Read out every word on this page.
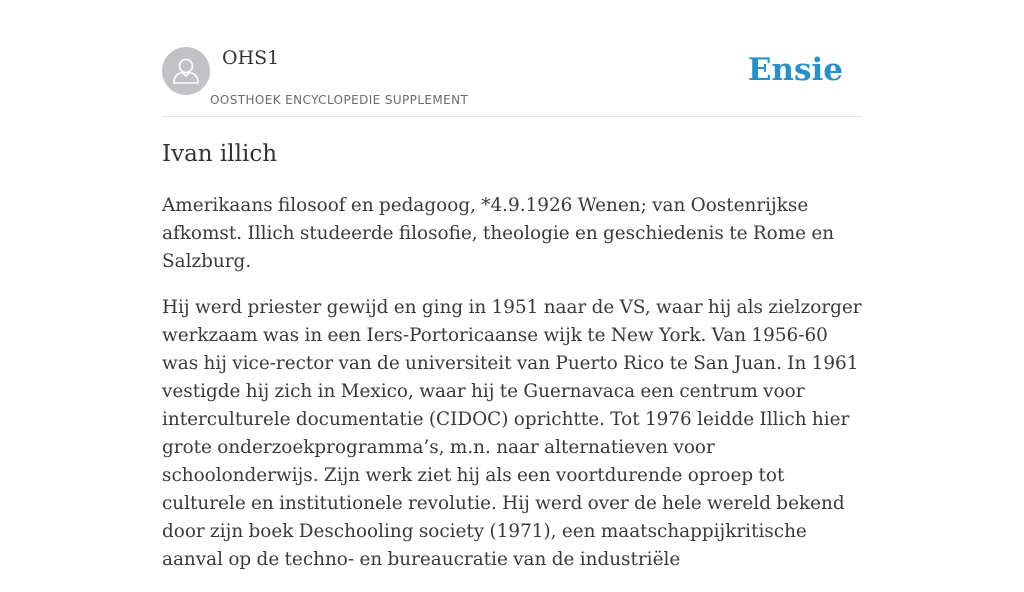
OHS1
OOSTHOEK ENCYCLOPEDIE SUPPLEMENT
Ensie
Ivan illich

Amerikaans filosoof en pedagoog, *4.9.1926 Wenen; van Oostenrijkse afkomst. Illich studeerde filosofie, theologie en geschiedenis te Rome en Salzburg.

Hij werd priester gewijd en ging in 1951 naar de VS, waar hij als zielzorger werkzaam was in een Iers-Portoricaanse wijk te New York. Van 1956-60 was hij vice-rector van de universiteit van Puerto Rico te San Juan. In 1961 vestigde hij zich in Mexico, waar hij te Guernavaca een centrum voor interculturele documentatie (CIDOC) oprichtte. Tot 1976 leidde Illich hier grote onderzoekprogramma’s, m.n. naar alternatieven voor schoolonderwijs. Zijn werk ziet hij als een voortdurende oproep tot culturele en institutionele revolutie. Hij werd over de hele wereld bekend door zijn boek Deschooling society (1971), een maatschappijkritische aanval op de techno- en bureaucratie van de industriële
